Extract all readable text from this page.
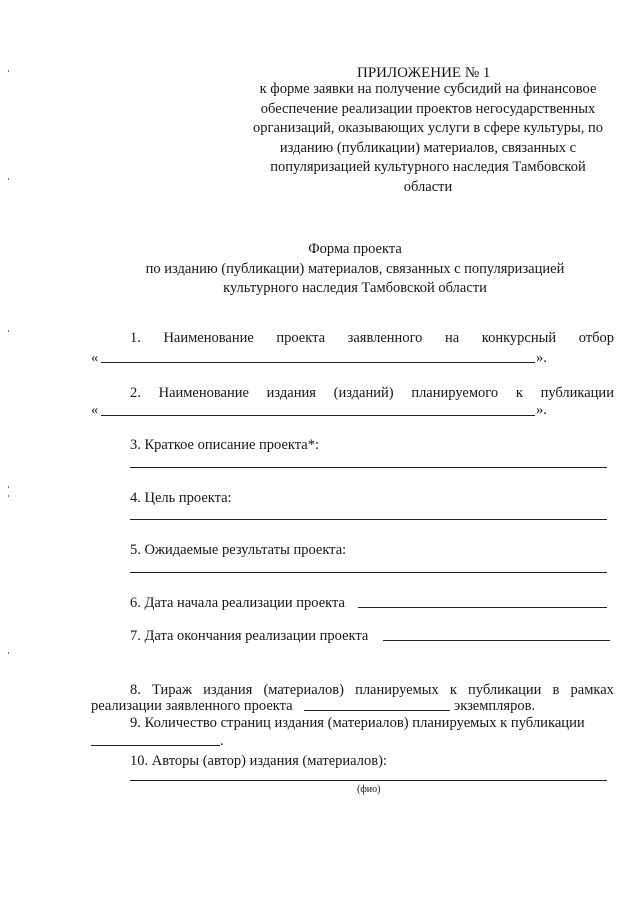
ПРИЛОЖЕНИЕ № 1
к форме заявки на получение субсидий на финансовое
обеспечение реализации проектов негосударственных
организаций, оказывающих услуги в сфере культуры, по
изданию (публикации) материалов, связанных с
популяризацией культурного наследия Тамбовской
области
Форма проекта
по изданию (публикации) материалов, связанных с популяризацией
культурного наследия Тамбовской области
1. Наименование проекта заявленного на конкурсный отбор
«	».
2. Наименование издания (изданий) планируемого к публикации
«	».
3. Краткое описание проекта*:
4. Цель проекта:
5. Ожидаемые результаты проекта:
6. Дата начала реализации проекта
7. Дата окончания реализации проекта
8. Тираж издания (материалов) планируемых к публикации в рамках
реализации заявленного проекта	экземпляров.
9. Количество страниц издания (материалов) планируемых к публикации
.
10. Авторы (автор) издания (материалов):
(фио)
